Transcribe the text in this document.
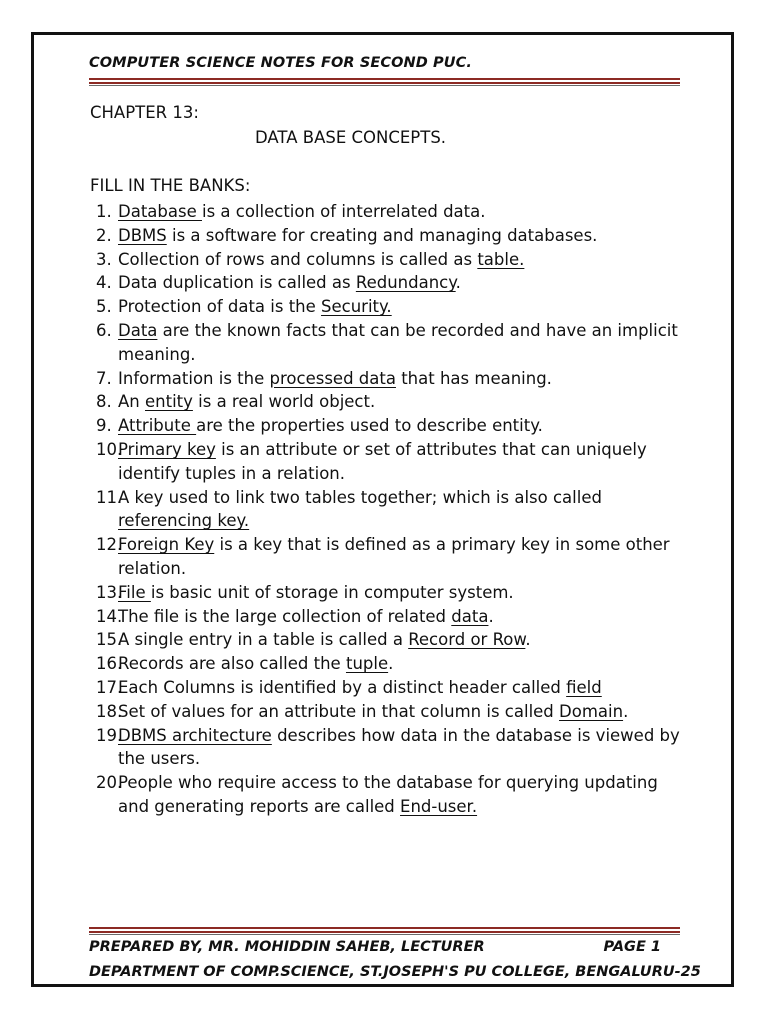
COMPUTER SCIENCE NOTES FOR SECOND PUC.
CHAPTER 13:
DATA BASE CONCEPTS.
FILL IN THE BANKS:
1. Database is a collection of interrelated data.
2. DBMS is a software for creating and managing databases.
3. Collection of rows and columns is called as table.
4. Data duplication is called as Redundancy.
5. Protection of data is the Security.
6. Data are the known facts that can be recorded and have an implicit meaning.
7. Information is the processed data that has meaning.
8. An entity is a real world object.
9. Attribute are the properties used to describe entity.
10.
Primary key is an attribute or set of attributes that can uniquely identify tuples in a relation.
11.
A key used to link two tables together; which is also called referencing key.
12.
Foreign Key is a key that is defined as a primary key in some other relation.
13.
File is basic unit of storage in computer system.
14.
The file is the large collection of related data.
15.
A single entry in a table is called a Record or Row.
16.
Records are also called the tuple.
17.
Each Columns is identified by a distinct header called field
18.
Set of values for an attribute in that column is called Domain.
19.
DBMS architecture describes how data in the database is viewed by the users.
20.
People who require access to the database for querying updating and generating reports are called End-user.
PREPARED BY, MR. MOHIDDIN SAHEB, LECTURER	PAGE 1
DEPARTMENT OF COMP.SCIENCE, ST.JOSEPH'S PU COLLEGE, BENGALURU-25
